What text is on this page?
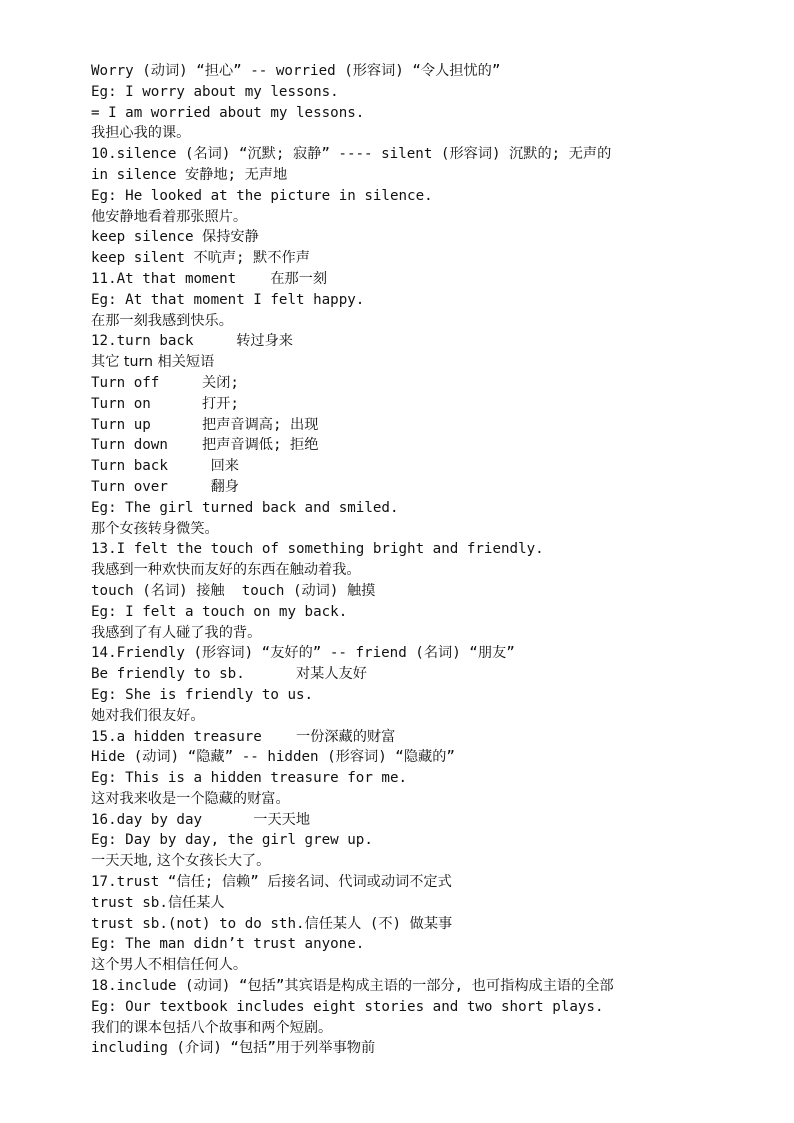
Worry (动词) “担心” -- worried (形容词) “令人担忧的”
Eg: I worry about my lessons.
= I am worried about my lessons.
我担心我的课。
10.silence (名词) “沉默; 寂静” ---- silent (形容词) 沉默的; 无声的
in silence 安静地; 无声地
Eg: He looked at the picture in silence.
他安静地看着那张照片。
keep silence 保持安静
keep silent 不吭声; 默不作声
11.At that moment    在那一刻
Eg: At that moment I felt happy.
在那一刻我感到快乐。
12.turn back     转过身来
其它 turn 相关短语
Turn off     关闭;
Turn on      打开;
Turn up      把声音调高; 出现
Turn down    把声音调低; 拒绝
Turn back     回来
Turn over     翻身
Eg: The girl turned back and smiled.
那个女孩转身微笑。
13.I felt the touch of something bright and friendly.
我感到一种欢快而友好的东西在触动着我。
touch (名词) 接触  touch (动词) 触摸
Eg: I felt a touch on my back.
我感到了有人碰了我的背。
14.Friendly (形容词) “友好的” -- friend (名词) “朋友”
Be friendly to sb.      对某人友好
Eg: She is friendly to us.
她对我们很友好。
15.a hidden treasure    一份深藏的财富
Hide (动词) “隐藏” -- hidden (形容词) “隐藏的”
Eg: This is a hidden treasure for me.
这对我来收是一个隐藏的财富。
16.day by day      一天天地
Eg: Day by day, the girl grew up.
一天天地, 这个女孩长大了。
17.trust “信任; 信赖” 后接名词、代词或动词不定式
trust sb.信任某人
trust sb.(not) to do sth.信任某人 (不) 做某事
Eg: The man didn’t trust anyone.
这个男人不相信任何人。
18.include (动词) “包括”其宾语是构成主语的一部分, 也可指构成主语的全部
Eg: Our textbook includes eight stories and two short plays.
我们的课本包括八个故事和两个短剧。
including (介词) “包括”用于列举事物前
